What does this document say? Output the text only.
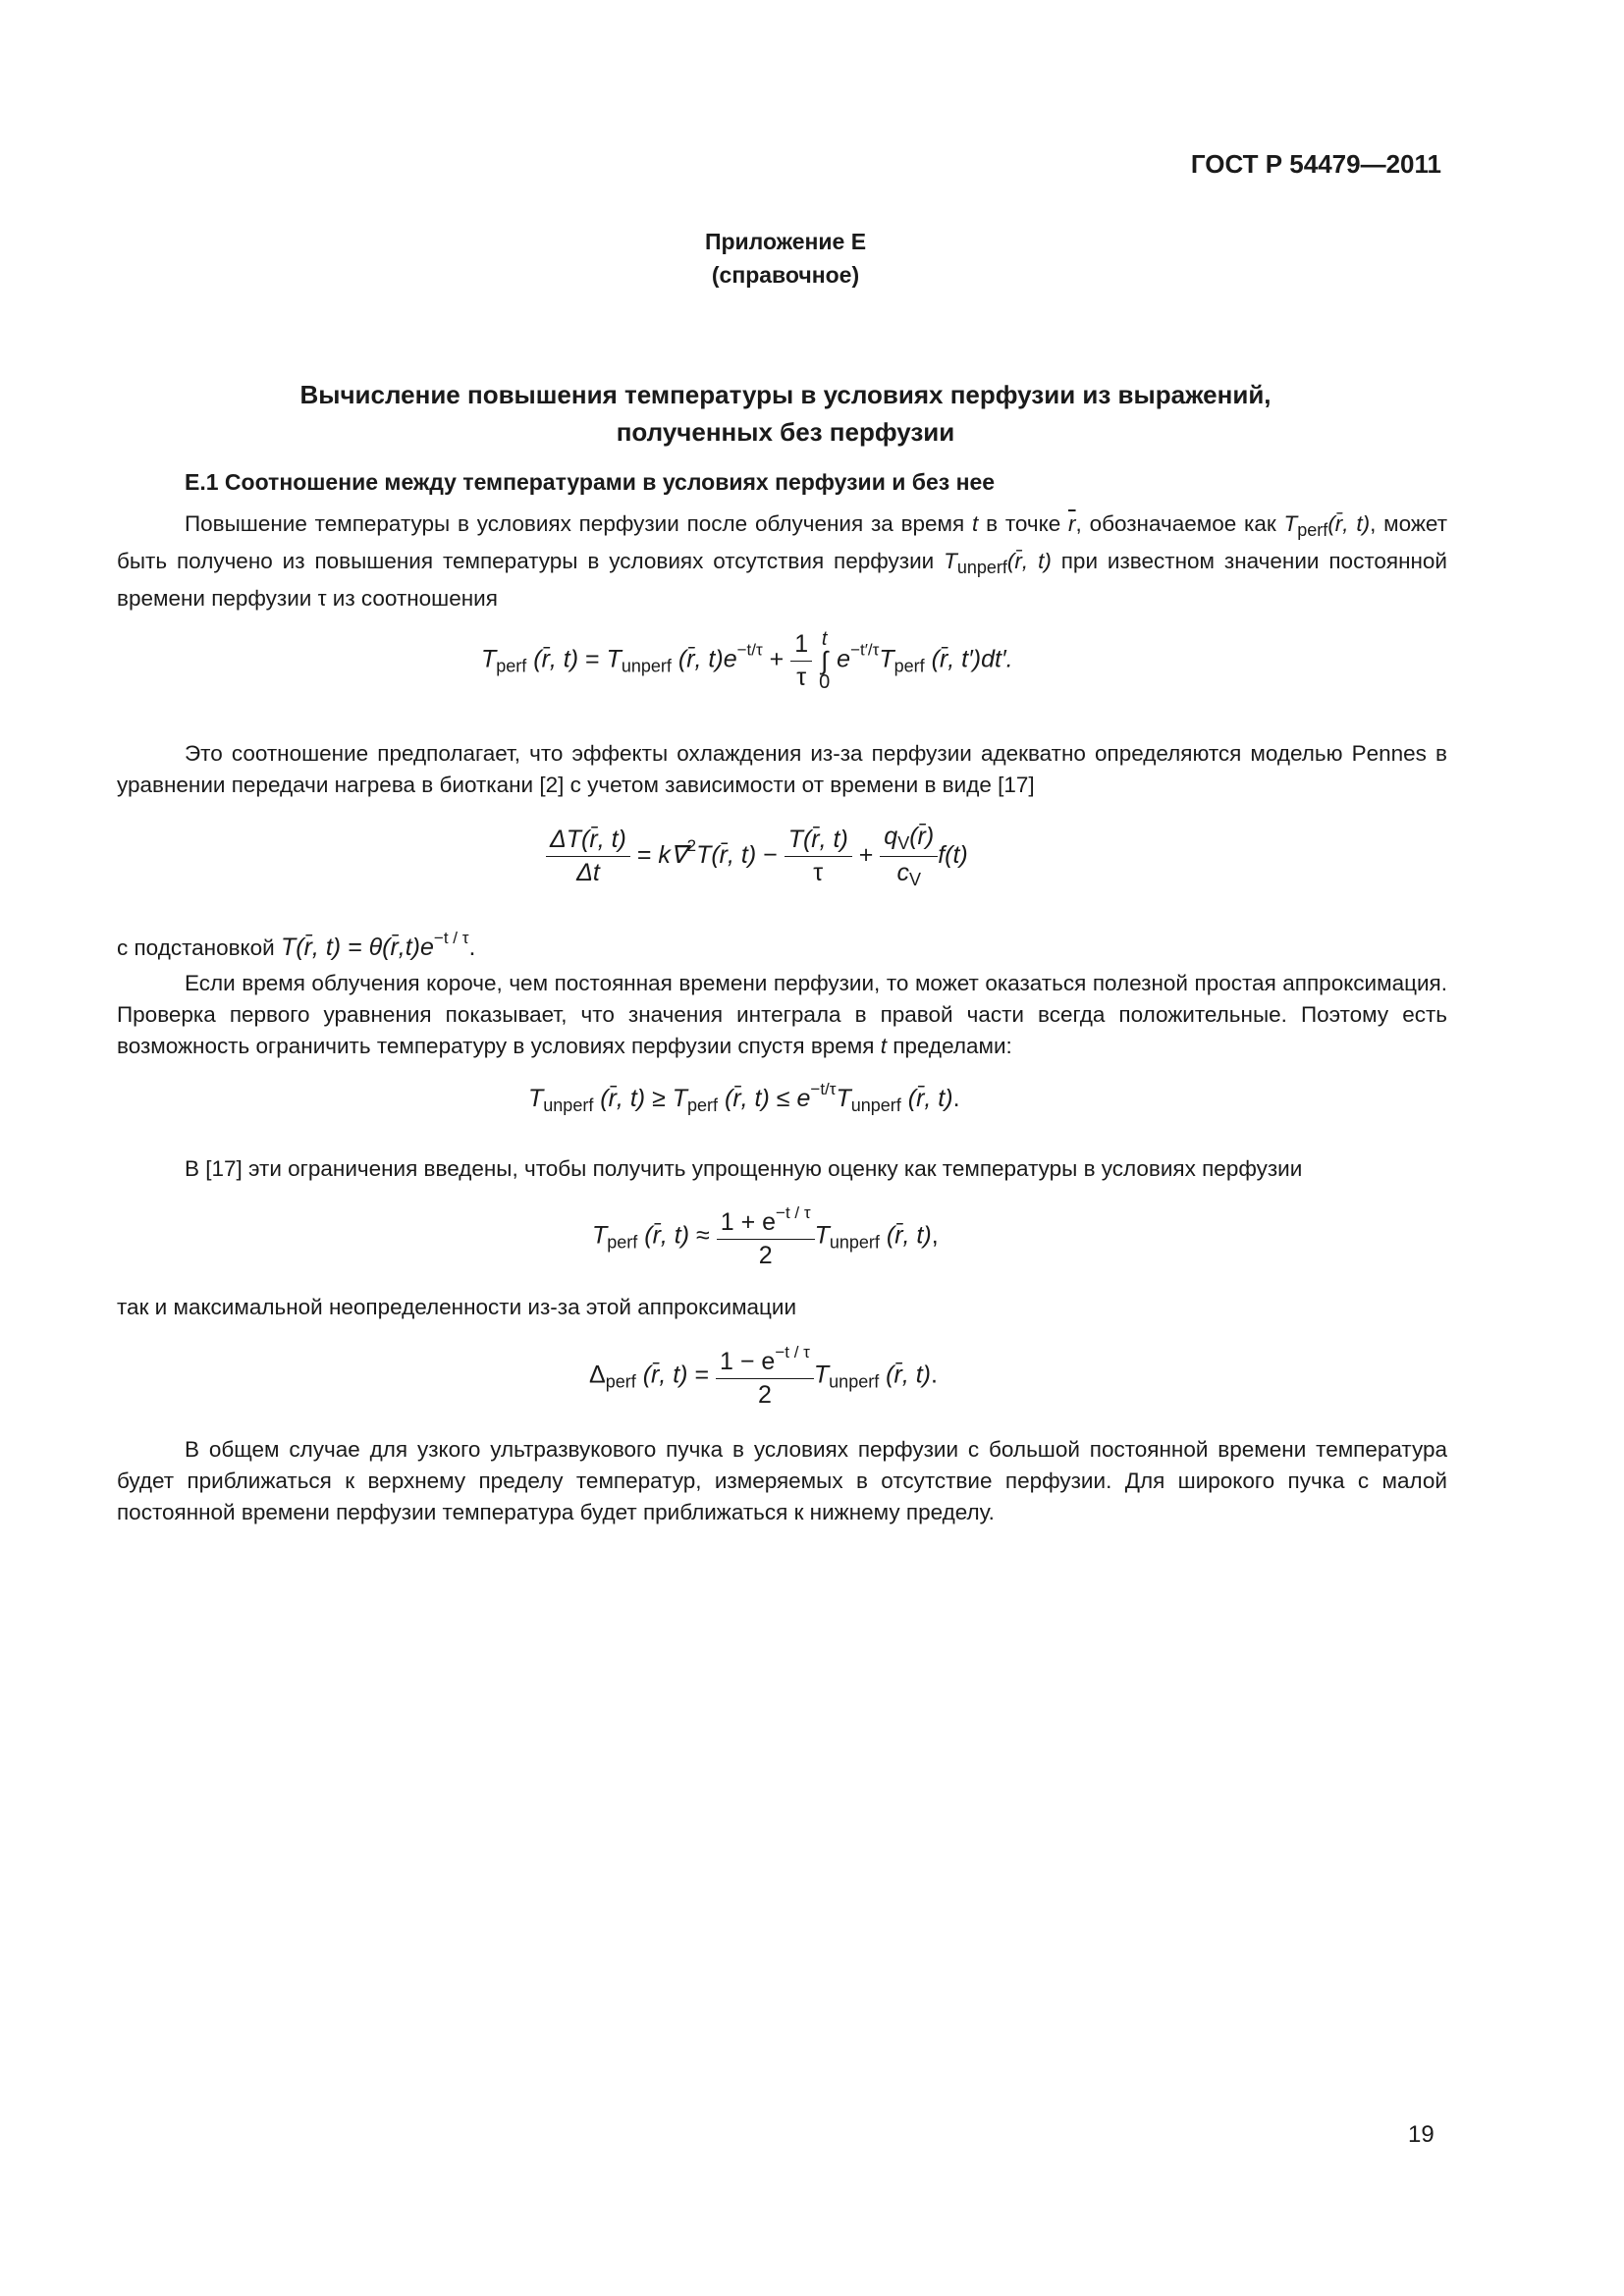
ГОСТ Р 54479—2011
Приложение Е
(справочное)
Вычисление повышения температуры в условиях перфузии из выражений,
полученных без перфузии
Е.1 Соотношение между температурами в условиях перфузии и без нее

Повышение температуры в условиях перфузии после облучения за время t в точке $\overline{r}$, обозначаемое как $T_{perf}(r̄$, t), может быть получено из повышения температуры в условиях отсутствия перфузии $T_{unperf}(r̄$, t) при известном значении постоянной времени перфузии τ из соотношения

$T_{perf}$ (r̄, $t) = T_{unperf}$ (r̄, $t)e^{-t/\tau} + \frac{1}{\tau}$
t
∫
0
$e^{-t'/\tau}T_{perf}$ (r̄, t′)dt′.

Это соотношение предполагает, что эффекты охлаждения из-за перфузии адекватно определяются моделью Pennes в уравнении передачи нагрева в биоткани [2] с учетом зависимости от времени в виде [17]

$\frac{\Delta T(r̄, t)}{\Delta t}$ = k∇$^2$T(r̄, $t) - \frac{T(r̄, t)}{\tau} + \frac{q_V(r̄)}{c_V} f(t)$
с подстановкой T(r̄, $t) = \theta(r̄,t)e^{-t / \tau}$.

Если время облучения короче, чем постоянная времени перфузии, то может оказаться полезной простая аппроксимация. Проверка первого уравнения показывает, что значения интеграла в правой части всегда положительные. Поэтому есть возможность ограничить температуру в условиях перфузии спустя время t пределами:

$T_{unperf}$ (r̄, $t) \ge T_{perf}$ (r̄, $t) \le e^{-t/\tau}T_{unperf}$ (r̄, t).

В [17] эти ограничения введены, чтобы получить упрощенную оценку как температуры в условиях перфузии

$T_{perf}$ (r̄, $t) \approx \frac{1 + e^{-t / \tau}}{2} T_{unperf}$ (r̄, t),

так и максимальной неопределенности из-за этой аппроксимации

$\Delta_{perf}$ (r̄, $t) = \frac{1 - e^{-t / \tau}}{2} T_{unperf}$ (r̄, t).

В общем случае для узкого ультразвукового пучка в условиях перфузии с большой постоянной времени температура будет приближаться к верхнему пределу температур, измеряемых в отсутствие перфузии. Для широкого пучка с малой постоянной времени перфузии температура будет приближаться к нижнему пределу.

19
